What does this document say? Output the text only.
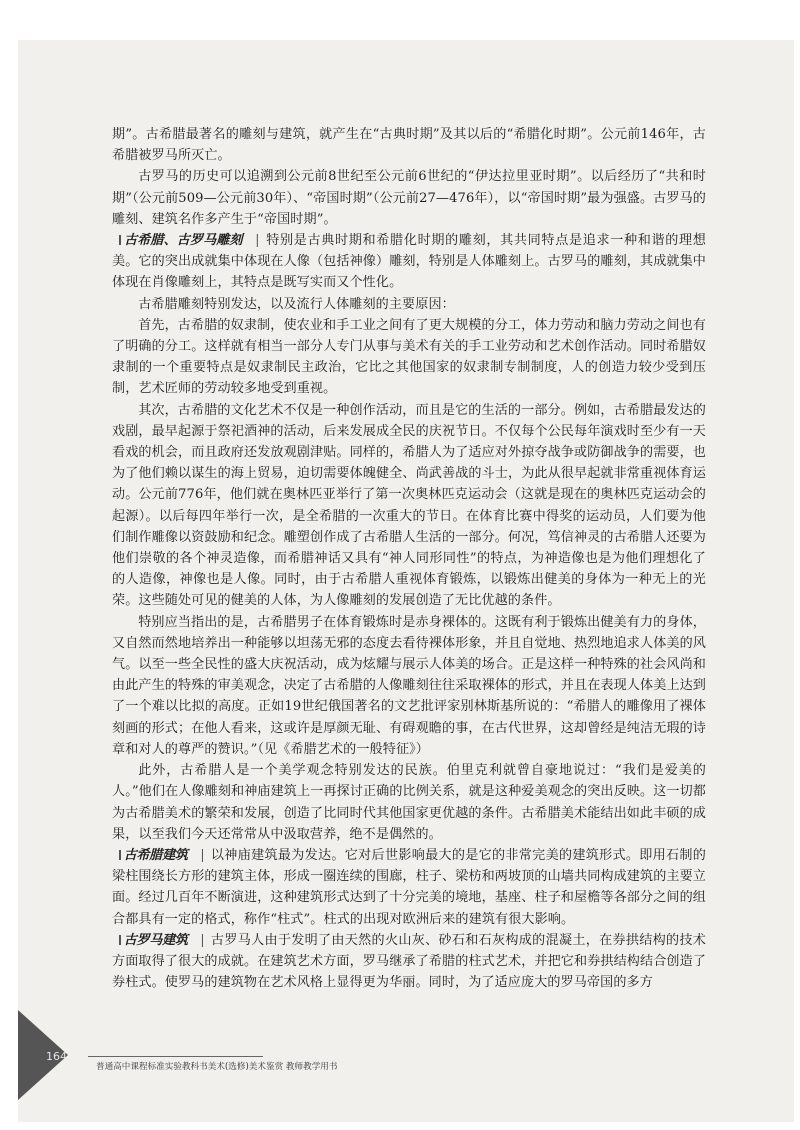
期”。古希腊最著名的雕刻与建筑，就产生在“古典时期”及其以后的“希腊化时期”。公元前146年，古希腊被罗马所灭亡。

古罗马的历史可以追溯到公元前8世纪至公元前6世纪的“伊达拉里亚时期”。以后经历了“共和时期”（公元前509—公元前30年）、“帝国时期”（公元前27—476年），以“帝国时期”最为强盛。古罗马的雕刻、建筑名作多产生于“帝国时期”。

古希腊、古罗马雕刻 | 特别是古典时期和希腊化时期的雕刻，其共同特点是追求一种和谐的理想美。它的突出成就集中体现在人像（包括神像）雕刻，特别是人体雕刻上。古罗马的雕刻，其成就集中体现在肖像雕刻上，其特点是既写实而又个性化。

古希腊雕刻特别发达，以及流行人体雕刻的主要原因：

首先，古希腊的奴隶制，使农业和手工业之间有了更大规模的分工，体力劳动和脑力劳动之间也有了明确的分工。这样就有相当一部分人专门从事与美术有关的手工业劳动和艺术创作活动。同时希腊奴隶制的一个重要特点是奴隶制民主政治，它比之其他国家的奴隶制专制制度，人的创造力较少受到压制，艺术匠师的劳动较多地受到重视。

其次，古希腊的文化艺术不仅是一种创作活动，而且是它的生活的一部分。例如，古希腊最发达的戏剧，最早起源于祭祀酒神的活动，后来发展成全民的庆祝节日。不仅每个公民每年演戏时至少有一天看戏的机会，而且政府还发放观剧津贴。同样的，希腊人为了适应对外掠夺战争或防御战争的需要，也为了他们赖以谋生的海上贸易，迫切需要体魄健全、尚武善战的斗士，为此从很早起就非常重视体育运动。公元前776年，他们就在奥林匹亚举行了第一次奥林匹克运动会（这就是现在的奥林匹克运动会的起源）。以后每四年举行一次，是全希腊的一次重大的节日。在体育比赛中得奖的运动员，人们要为他们制作雕像以资鼓励和纪念。雕塑创作成了古希腊人生活的一部分。何况，笃信神灵的古希腊人还要为他们崇敬的各个神灵造像，而希腊神话又具有“神人同形同性”的特点，为神造像也是为他们理想化了的人造像，神像也是人像。同时，由于古希腊人重视体育锻炼，以锻炼出健美的身体为一种无上的光荣。这些随处可见的健美的人体，为人像雕刻的发展创造了无比优越的条件。

特别应当指出的是，古希腊男子在体育锻炼时是赤身裸体的。这既有利于锻炼出健美有力的身体，又自然而然地培养出一种能够以坦荡无邪的态度去看待裸体形象，并且自觉地、热烈地追求人体美的风气。以至一些全民性的盛大庆祝活动，成为炫耀与展示人体美的场合。正是这样一种特殊的社会风尚和由此产生的特殊的审美观念，决定了古希腊的人像雕刻往往采取裸体的形式，并且在表现人体美上达到了一个难以比拟的高度。正如19世纪俄国著名的文艺批评家别林斯基所说的：“希腊人的雕像用了裸体刻画的形式；在他人看来，这或许是厚颜无耻、有碍观瞻的事，在古代世界，这却曾经是纯洁无瑕的诗章和对人的尊严的赞识。”（见《希腊艺术的一般特征》）

此外，古希腊人是一个美学观念特别发达的民族。伯里克利就曾自豪地说过：“我们是爱美的人。”他们在人像雕刻和神庙建筑上一再探讨正确的比例关系，就是这种爱美观念的突出反映。这一切都为古希腊美术的繁荣和发展，创造了比同时代其他国家更优越的条件。古希腊美术能结出如此丰硕的成果，以至我们今天还常常从中汲取营养，绝不是偶然的。

古希腊建筑 | 以神庙建筑最为发达。它对后世影响最大的是它的非常完美的建筑形式。即用石制的梁柱围绕长方形的建筑主体，形成一圈连续的围廊，柱子、梁枋和两坡顶的山墙共同构成建筑的主要立面。经过几百年不断演进，这种建筑形式达到了十分完美的境地，基座、柱子和屋檐等各部分之间的组合都具有一定的格式，称作“柱式”。柱式的出现对欧洲后来的建筑有很大影响。

古罗马建筑 | 古罗马人由于发明了由天然的火山灰、砂石和石灰构成的混凝土，在券拱结构的技术方面取得了很大的成就。在建筑艺术方面，罗马继承了希腊的柱式艺术，并把它和券拱结构结合创造了券柱式。使罗马的建筑物在艺术风格上显得更为华丽。同时，为了适应庞大的罗马帝国的多方

164
普通高中课程标准实验教科书美术(选修)美术鉴赏 教师教学用书
